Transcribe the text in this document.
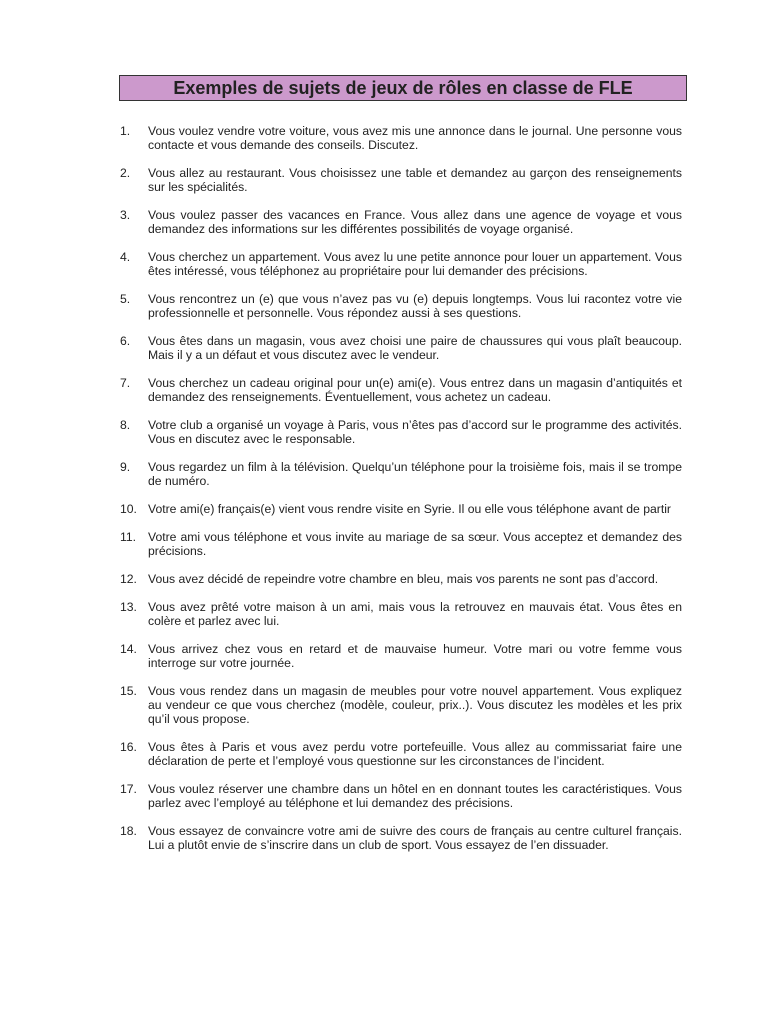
Exemples de sujets de jeux de rôles en classe de FLE
1.	Vous voulez vendre votre voiture, vous avez mis une annonce dans le journal. Une personne vous contacte et vous demande des conseils. Discutez.
2.	Vous allez au restaurant. Vous choisissez une table et demandez au garçon des renseignements sur les spécialités.
3.	Vous voulez passer des vacances en France. Vous allez dans une agence de voyage et vous demandez des informations sur les différentes possibilités de voyage organisé.
4.	Vous cherchez un appartement. Vous avez lu une petite annonce pour louer un appartement. Vous êtes intéressé, vous téléphonez au propriétaire pour lui demander des précisions.
5.	Vous rencontrez un (e) que vous n’avez pas vu (e) depuis longtemps. Vous lui racontez votre vie professionnelle et personnelle. Vous répondez aussi à ses questions.
6.	Vous êtes dans un magasin, vous avez choisi une paire de chaussures qui vous plaît beaucoup. Mais il y a un défaut et vous discutez avec le vendeur.
7.	Vous cherchez un cadeau original pour un(e) ami(e). Vous entrez dans un magasin d’antiquités et demandez des renseignements. Éventuellement, vous achetez un cadeau.
8.	Votre club a organisé un voyage à Paris, vous n’êtes pas d’accord sur le programme des activités. Vous en discutez avec le responsable.
9.	Vous regardez un film à la télévision. Quelqu’un téléphone pour la troisième fois, mais il se trompe de numéro.
10. Votre ami(e) français(e) vient vous rendre visite en Syrie. Il ou elle vous téléphone avant de partir
11. Votre ami vous téléphone et vous invite au mariage de sa sœur. Vous acceptez et demandez des précisions.
12. Vous avez décidé de repeindre votre chambre en bleu, mais vos parents ne sont pas d’accord.
13. Vous avez prêté votre maison à un ami, mais vous la retrouvez en mauvais état. Vous êtes en colère et parlez avec lui.
14. Vous arrivez chez vous en retard et de mauvaise humeur. Votre mari ou votre femme vous interroge sur votre journée.
15. Vous vous rendez dans un magasin de meubles pour votre nouvel appartement. Vous expliquez au vendeur ce que vous cherchez (modèle, couleur, prix..). Vous discutez les modèles et les prix qu’il vous propose.
16. Vous êtes à Paris et vous avez perdu votre portefeuille. Vous allez au commissariat faire une déclaration de perte et l’employé vous questionne sur les circonstances de l’incident.
17. Vous voulez réserver une chambre dans un hôtel en en donnant toutes les caractéristiques. Vous parlez avec l’employé au téléphone et lui demandez des précisions.
18. Vous essayez de convaincre votre ami de suivre des cours de français au centre culturel français. Lui a plutôt envie de s’inscrire dans un club de sport. Vous essayez de l’en dissuader.
